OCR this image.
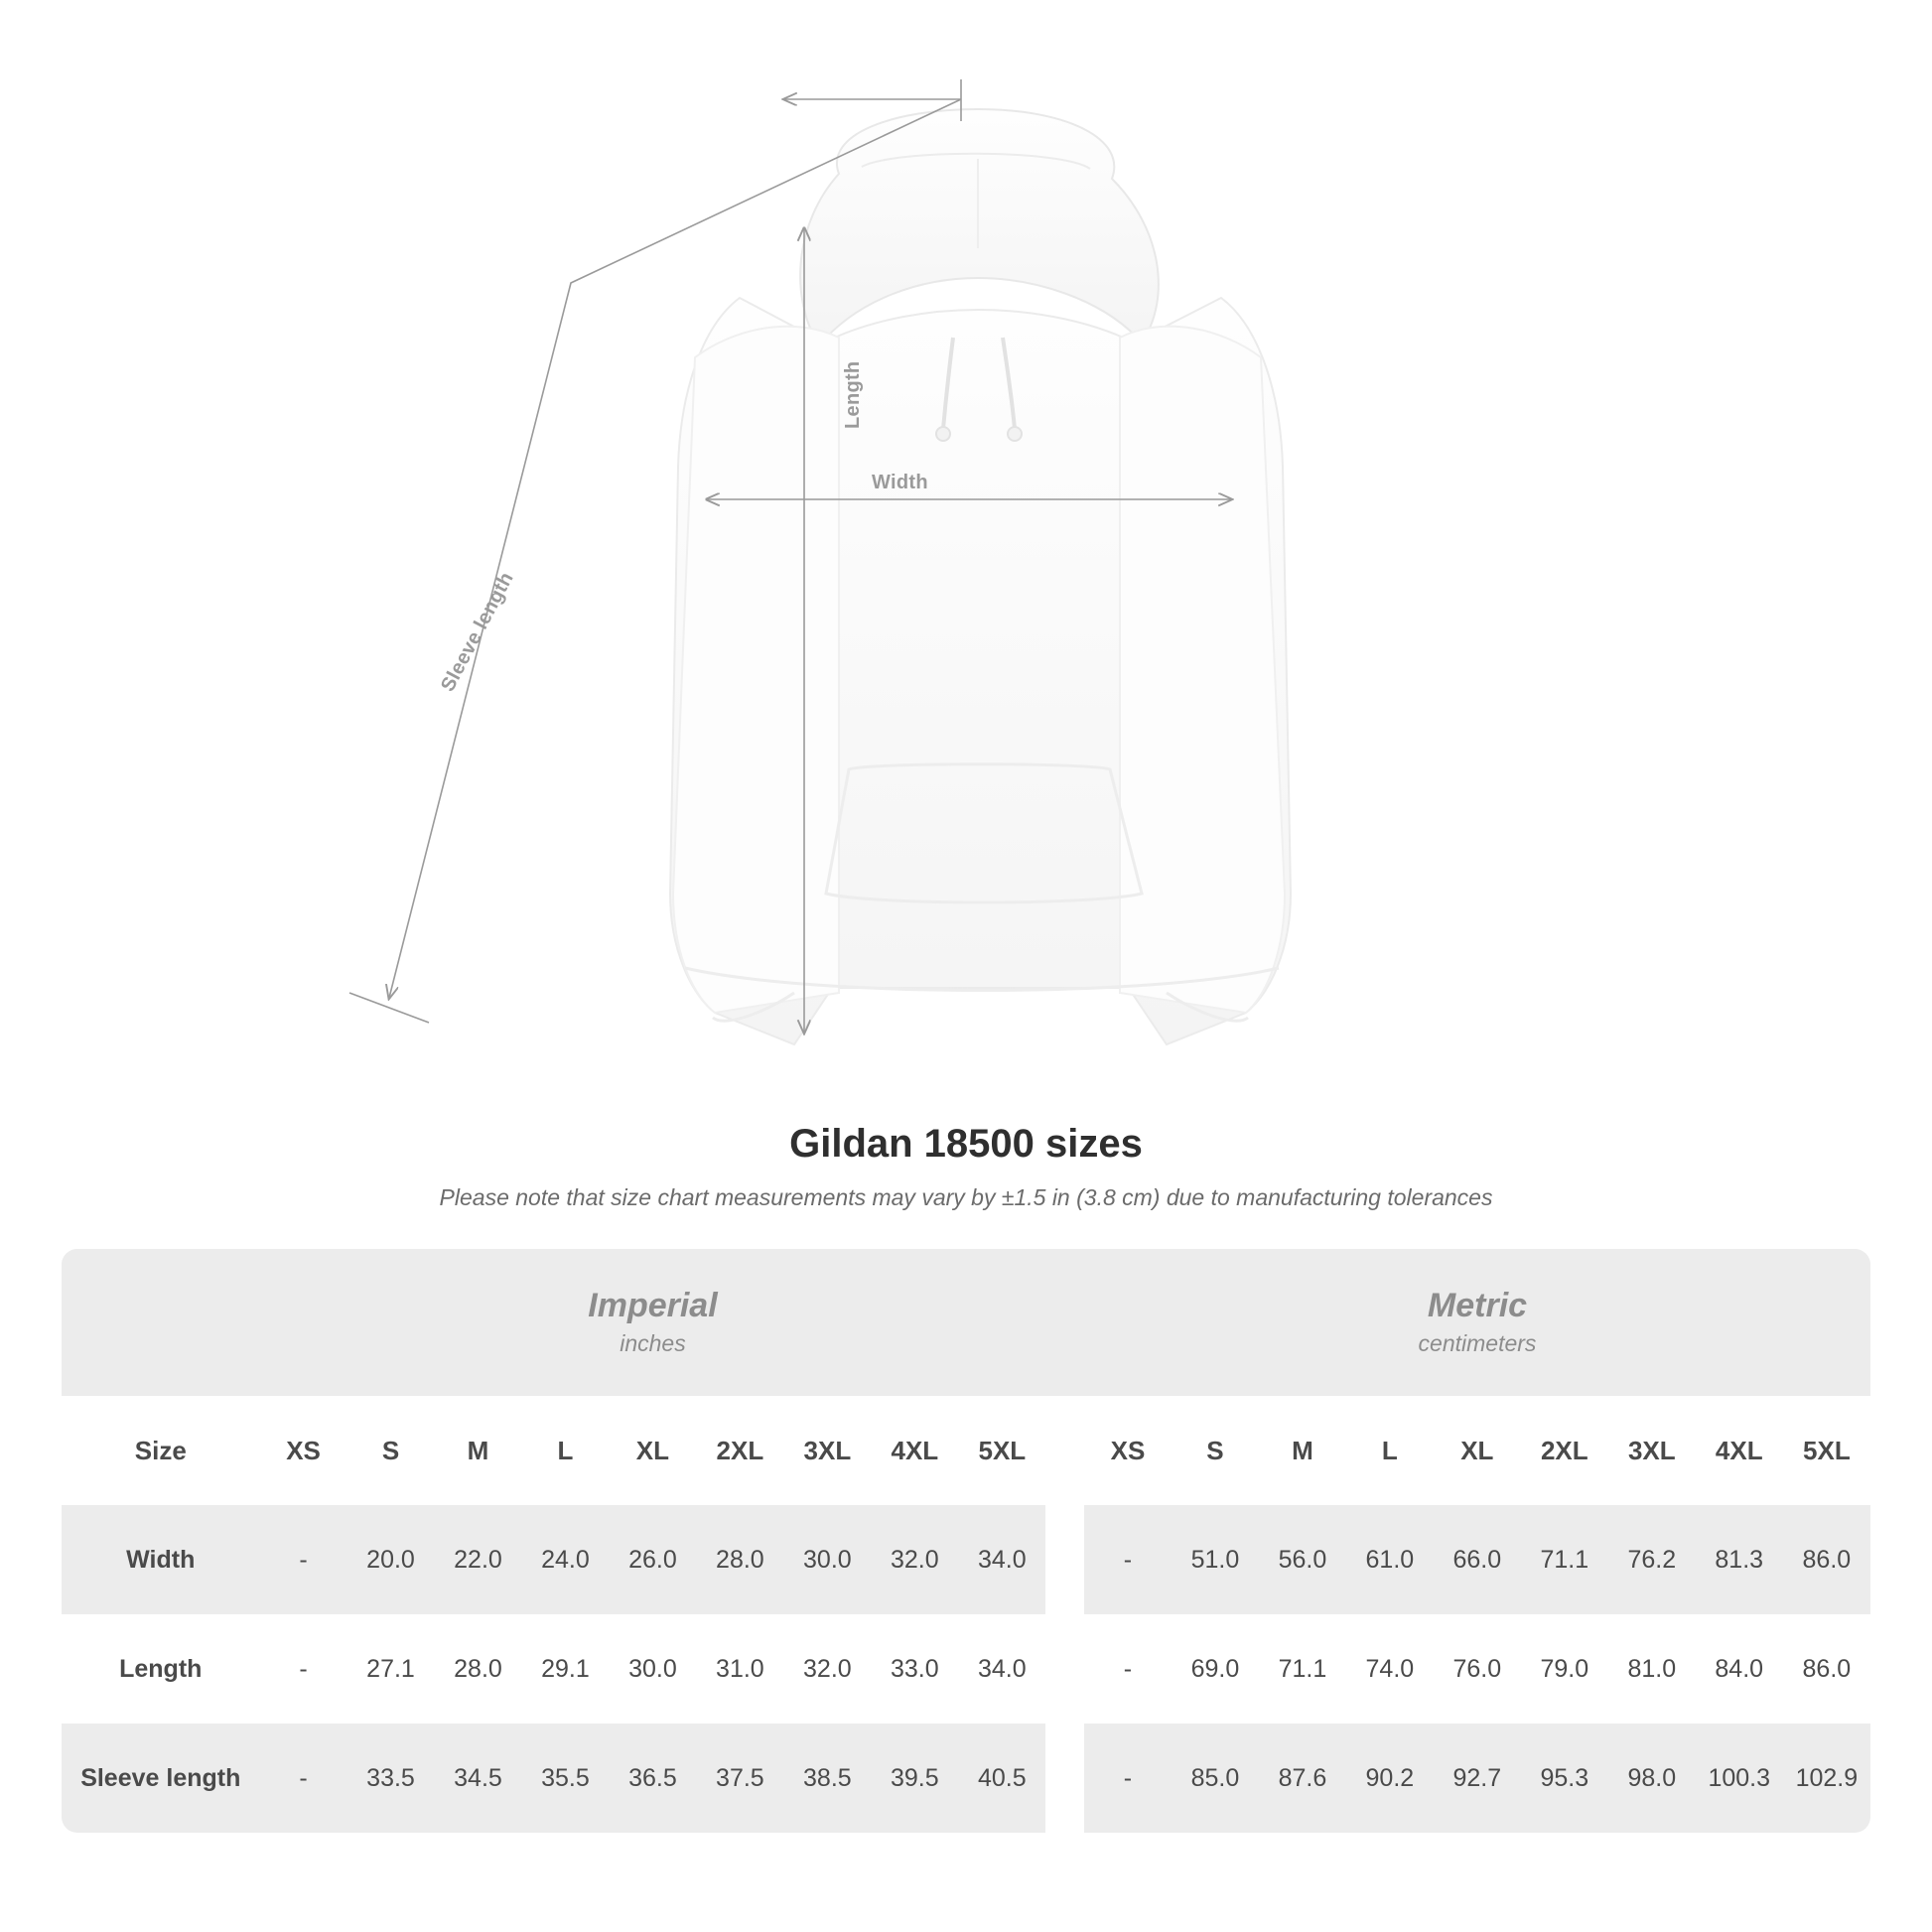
Length
Width
Sleeve length
Gildan 18500 sizes

Please note that size chart measurements may vary by ±1.5 in (3.8 cm) due to manufacturing tolerances

Imperial
inches

Metric
centimeters

Size	XS	S	M	L	XL	2XL	3XL	4XL	5XL		XS	S	M	L	XL	2XL	3XL	4XL	5XL
Width	-	20.0	22.0	24.0	26.0	28.0	30.0	32.0	34.0		-	51.0	56.0	61.0	66.0	71.1	76.2	81.3	86.0
Length	-	27.1	28.0	29.1	30.0	31.0	32.0	33.0	34.0		-	69.0	71.1	74.0	76.0	79.0	81.0	84.0	86.0
Sleeve length	-	33.5	34.5	35.5	36.5	37.5	38.5	39.5	40.5		-	85.0	87.6	90.2	92.7	95.3	98.0	100.3	102.9
